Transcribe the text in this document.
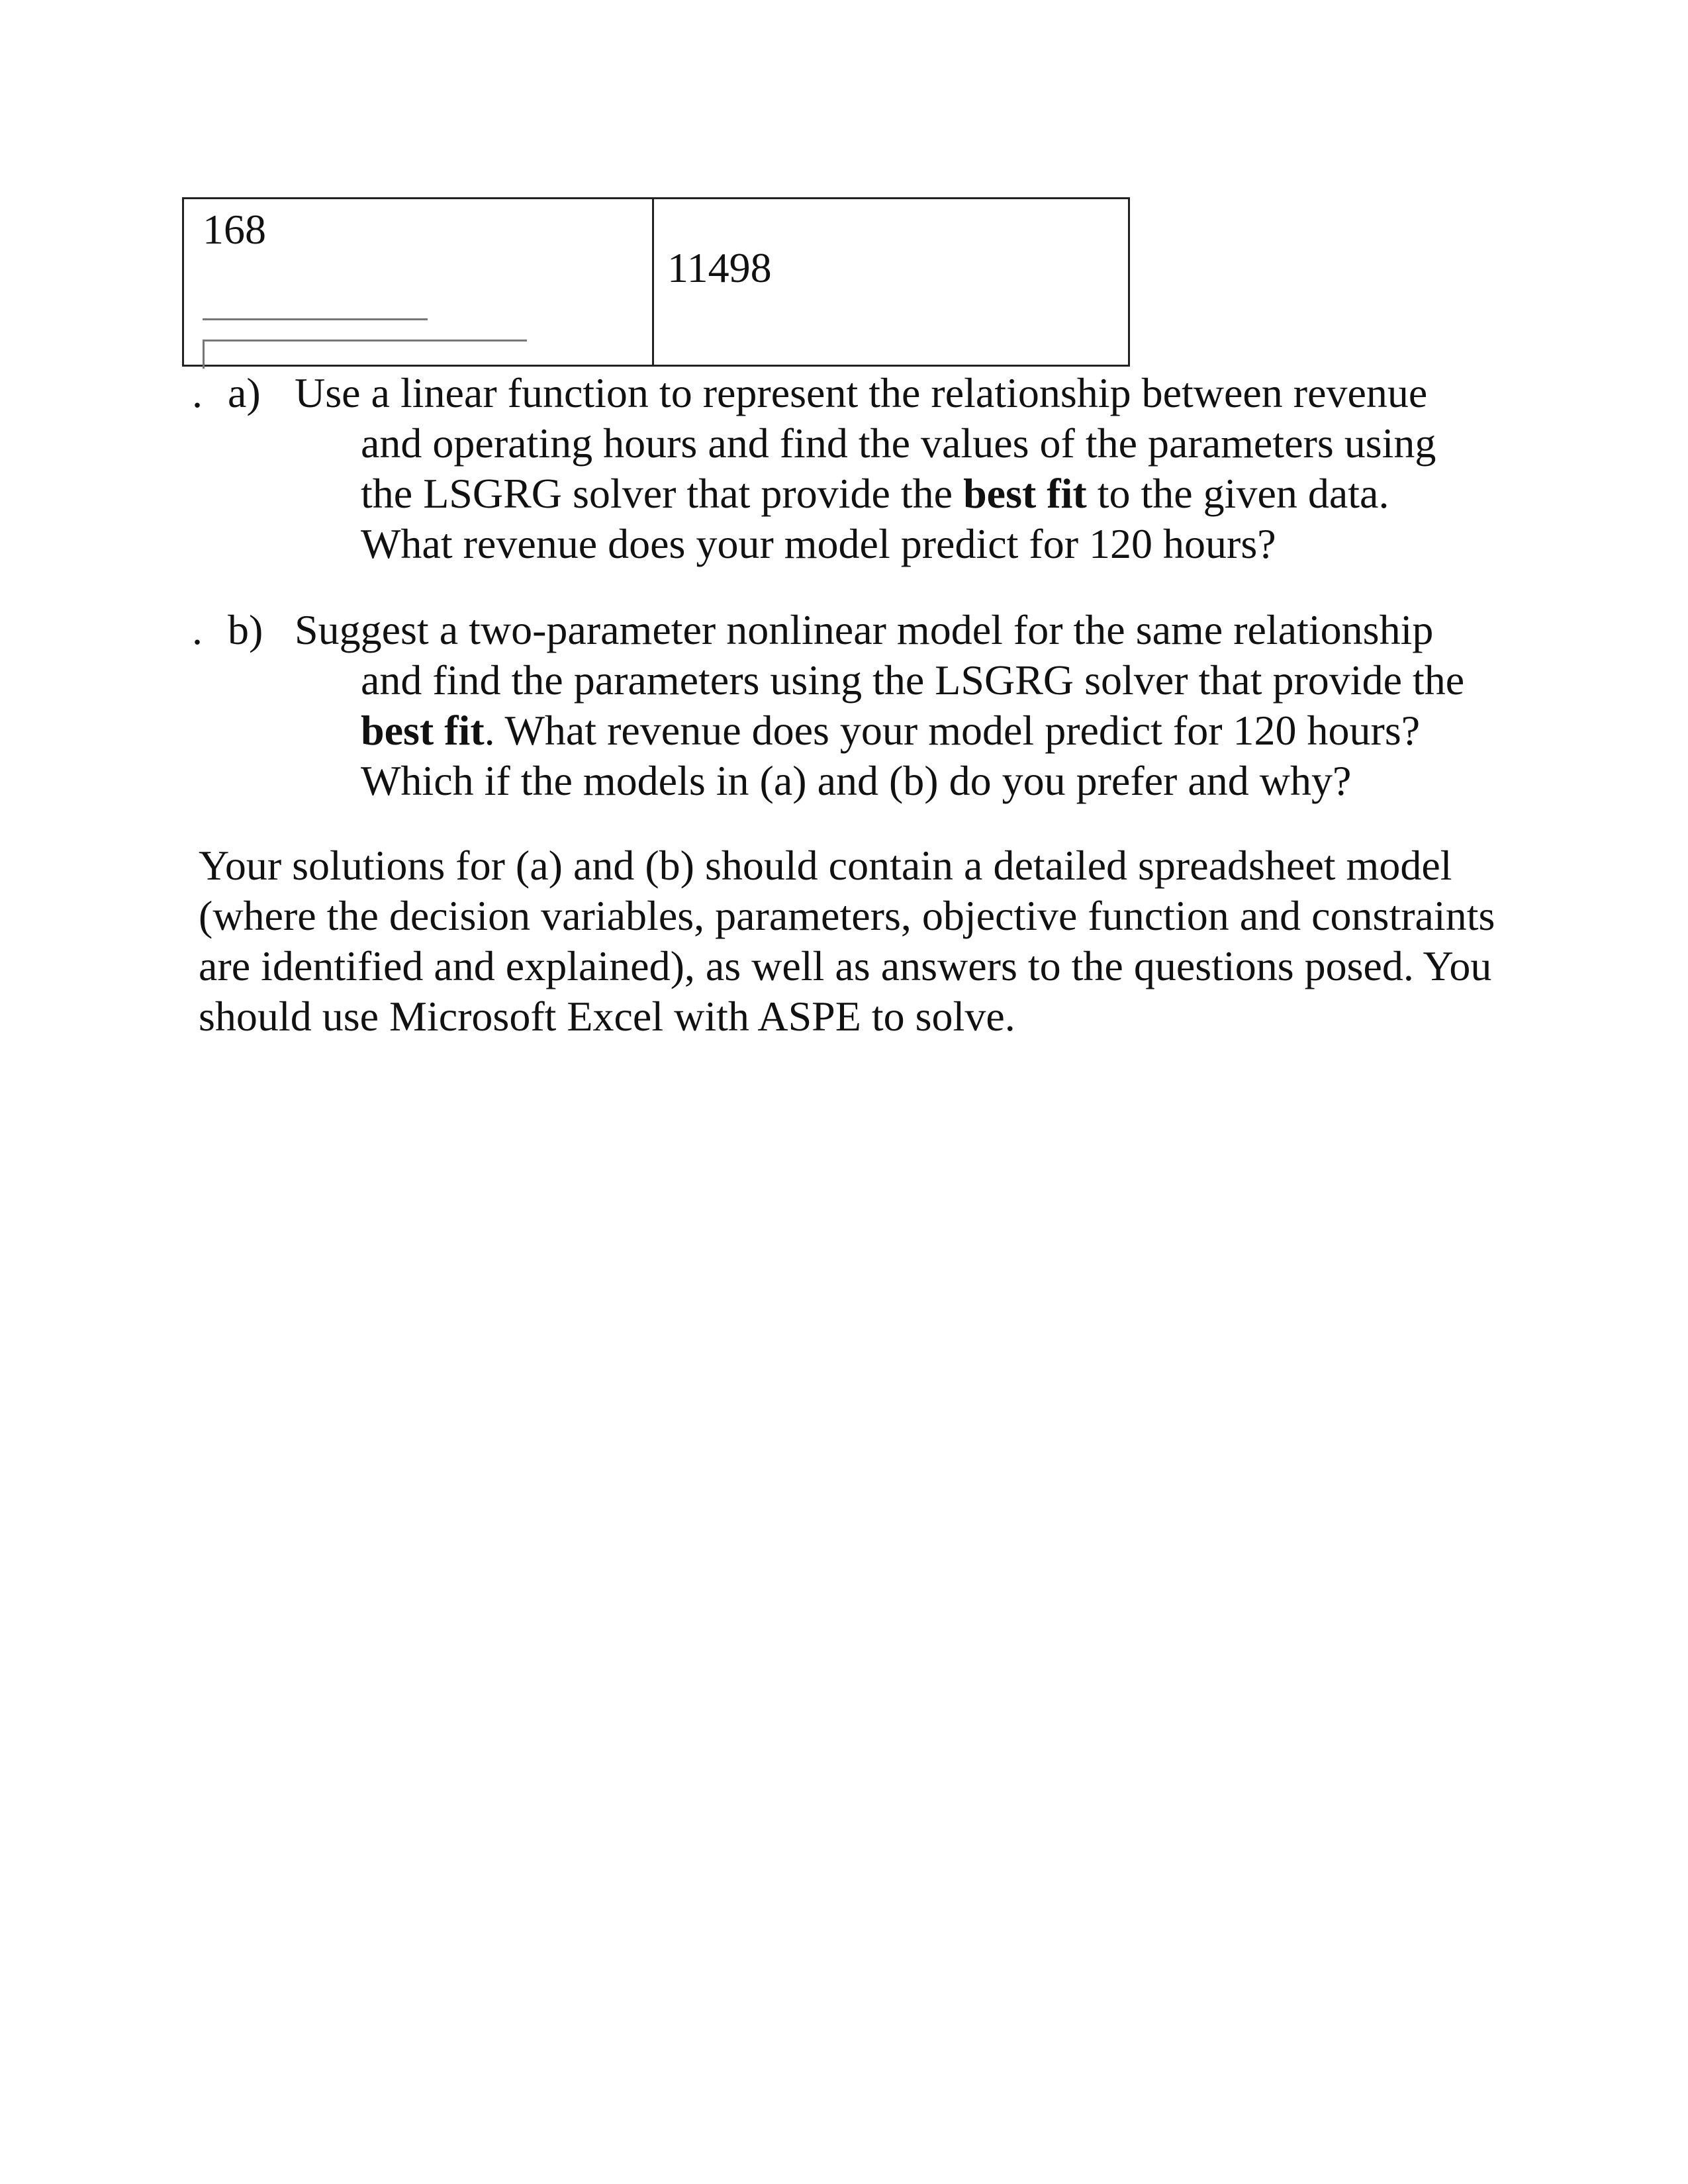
168
11498
. a) Use a linear function to represent the relationship between revenue and operating hours and find the values of the parameters using the LSGRG solver that provide the best fit to the given data. What revenue does your model predict for 120 hours?
. b) Suggest a two-parameter nonlinear model for the same relationship and find the parameters using the LSGRG solver that provide the best fit. What revenue does your model predict for 120 hours? Which if the models in (a) and (b) do you prefer and why?
Your solutions for (a) and (b) should contain a detailed spreadsheet model (where the decision variables, parameters, objective function and constraints are identified and explained), as well as answers to the questions posed. You should use Microsoft Excel with ASPE to solve.
